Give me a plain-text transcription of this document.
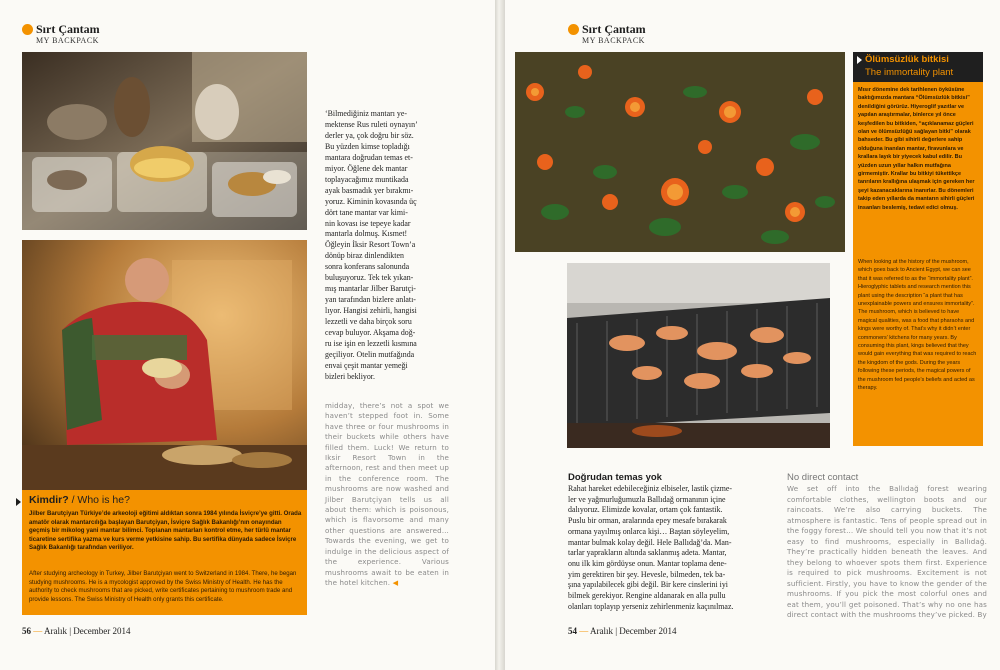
Sırt Çantam
MY BACKPACK
Kimdir? / Who is he?
Jilber Barutçiyan Türkiye’de arkeoloji eğitimi aldıktan sonra 1984 yılında İsviçre’ye gitti. Orada amatör olarak mantarcılığa başlayan Barutçiyan, İsviçre Sağlık Bakanlığı’nın onayından geçmiş bir mikolog yani mantar bilimci. Toplanan mantarları kontrol etme, her türlü mantar ticaretine sertifika yazma ve kurs verme yetkisine sahip. Bu sertifika dünyada sadece İsviçre Sağlık Bakanlığı tarafından veriliyor.
After studying archeology in Turkey, Jilber Barutçiyan went to Switzerland in 1984. There, he began studying mushrooms. He is a mycologist approved by the Swiss Ministry of Health. He has the authority to check mushrooms that are picked, write certificates pertaining to mushroom trade and provide lessons. The Swiss Ministry of Health only grants this certificate.
‘Bilmediğiniz mantarı ye-
mektense Rus ruleti oynayın’
derler ya, çok doğru bir söz.
Bu yüzden kimse topladığı
mantara doğrudan temas et-
miyor. Öğlene dek mantar
toplayacağımız muntikada
ayak basmadık yer bırakmı-
yoruz. Kiminin kovasında üç
dört tane mantar var kimi-
nin kovası ise tepeye kadar
mantarla dolmuş. Kısmet!
Öğleyin İksir Resort Town’a
dönüp biraz dinlendikten
sonra konferans salonunda
buluşuyoruz. Tek tek yıkan-
mış mantarlar Jilber Barutçi-
yan tarafından bizlere anlatı-
lıyor. Hangisi zehirli, hangisi
lezzetli ve daha birçok soru
cevap buluyor. Akşama doğ-
ru ise işin en lezzetli kısmına
geçiliyor. Otelin mutfağında
envai çeşit mantar yemeği
bizleri bekliyor.
midday, there’s not a spot we haven’t stepped foot in. Some have three or four mushrooms in their buckets while others have filled them. Luck! We return to Iksir Resort Town in the afternoon, rest and then meet up in the conference room. The mushrooms are now washed and Jilber Barutçiyan tells us all about them: which is poisonous, which is flavorsome and many other questions are answered… Towards the evening, we get to indulge in the delicious aspect of the experience. Various mushrooms await to be eaten in the hotel kitchen. ◀
56 — Aralık | December 2014
Sırt Çantam
MY BACKPACK
Ölümsüzlük bitkisi
The immortality plant
Mısır dönemine dek tarihlenen öyküsüne baktığımızda mantara “Ölümsüzlük bitkisi” denildiğini görürüz. Hiyeroglif yazıtlar ve yapılan araştırmalar, binlerce yıl önce keşfedilen bu bitkiden, “açıklanamaz güçleri olan ve ölümsüzlüğü sağlayan bitki” olarak bahseder. Bu gibi sihirli değerlere sahip olduğuna inanılan mantar, firavunlara ve krallara layık bir yiyecek kabul edilir. Bu yüzden uzun yıllar halkın mutfağına girmemiştir. Krallar bu bitkiyi tükettikçe tanrıların krallığına ulaşmak için gereken her şeyi kazanacaklarına inanırlar. Bu dönemleri takip eden yıllarda da mantarın sihirli güçleri insanları beslemiş, tedavi edici olmuş.
When looking at the history of the mushroom, which goes back to Ancient Egypt, we can see that it was referred to as the “immortality plant”. Hieroglyphic tablets and research mention this plant using the description “a plant that has unexplainable powers and ensures immortality”. The mushroom, which is believed to have magical qualities, was a food that pharaohs and kings were worthy of. That’s why it didn’t enter commoners’ kitchens for many years. By consuming this plant, kings believed that they would gain everything that was required to reach the kingdom of the gods. During the years following these periods, the magical powers of the mushroom fed people’s beliefs and acted as therapy.
Doğrudan temas yok	No direct contact
Rahat hareket edebileceğiniz elbiseler, lastik çizme-
ler ve yağmurluğumuzla Ballıdağ ormanının içine
dalıyoruz. Elimizde kovalar, ortam çok fantastik.
Puslu bir orman, aralarında epey mesafe bırakarak
ormana yayılmış onlarca kişi… Baştan söyleyelim,
mantar bulmak kolay değil. Hele Ballıdağ’da. Man-
tarlar yaprakların altında saklanmış adeta. Mantar,
onu ilk kim gördüyse onun. Mantar toplama dene-
yim gerektiren bir şey. Hevesle, bilmeden, tek ba-
şına yapılabilecek gibi değil. Bir kere cinslerini iyi
bilmek gerekiyor. Rengine aldanarak en alla pullu
olanları toplayıp yerseniz zehirlenmeniz kaçınılmaz.
We set off into the Ballıdağ forest wearing comfortable clothes, wellington boots and our raincoats. We’re also carrying buckets. The atmosphere is fantastic. Tens of people spread out in the foggy forest… We should tell you now that it’s not easy to find mushrooms, especially in Ballıdağ. They’re practically hidden beneath the leaves. And they belong to whoever spots them first. Experience is required to pick mushrooms. Excitement is not sufficient. Firstly, you have to know the gender of the mushrooms. If you pick the most colorful ones and eat them, you’ll get poisoned. That’s why no one has direct contact with the mushrooms they’ve picked. By
54 — Aralık | December 2014
